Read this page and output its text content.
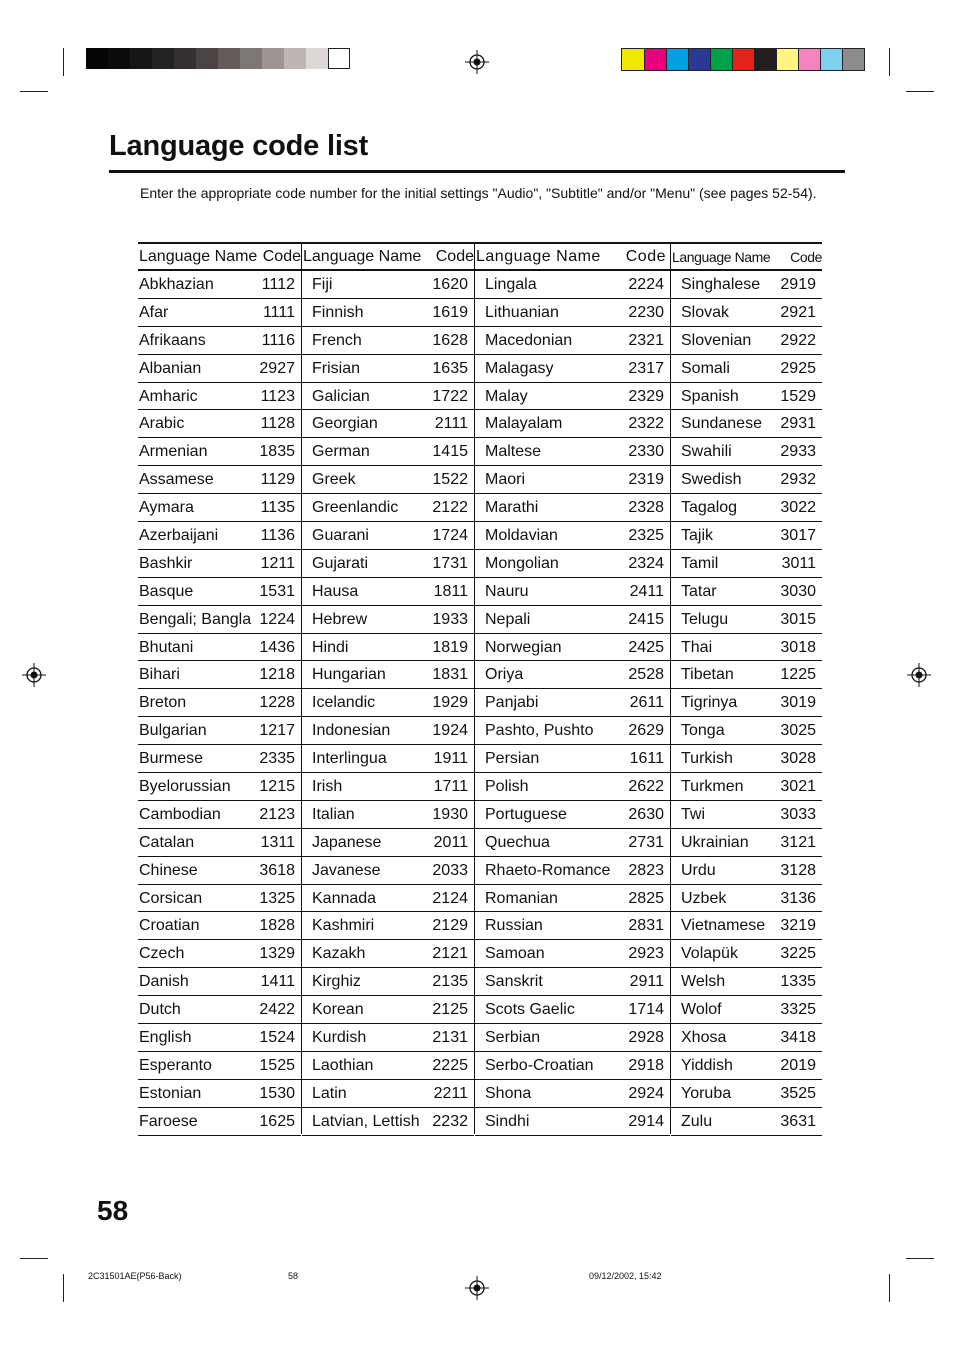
Language code list
Enter the appropriate code number for the initial settings "Audio", "Subtitle" and/or "Menu" (see pages 52-54).
Language Name Code
Abkhazian	1112
Afar	1111
Afrikaans	1116
Albanian	2927
Amharic	1123
Arabic	1128
Armenian	1835
Assamese	1129
Aymara	1135
Azerbaijani	1136
Bashkir	1211
Basque	1531
Bengali; Bangla 1224
Bhutani	1436
Bihari	1218
Breton	1228
Bulgarian	1217
Burmese	2335
Byelorussian 1215
Cambodian 2123
Catalan	1311
Chinese	3618
Corsican	1325
Croatian	1828
Czech	1329
Danish	1411
Dutch	2422
English	1524
Esperanto	1525
Estonian	1530
Faroese	1625
Language Name Code
Fiji	1620
Finnish	1619
French	1628
Frisian	1635
Galician	1722
Georgian	2111
German	1415
Greek	1522
Greenlandic 2122
Guarani	1724
Gujarati	1731
Hausa	1811
Hebrew	1933
Hindi	1819
Hungarian	1831
Icelandic	1929
Indonesian	1924
Interlingua	1911
Irish	1711
Italian	1930
Japanese	2011
Javanese	2033
Kannada	2124
Kashmiri	2129
Kazakh	2121
Kirghiz	2135
Korean	2125
Kurdish	2131
Laothian	2225
Latin	2211
Latvian, Lettish 2232
Language Name Code
Lingala	2224
Lithuanian	2230
Macedonian	2321
Malagasy	2317
Malay	2329
Malayalam	2322
Maltese	2330
Maori	2319
Marathi	2328
Moldavian	2325
Mongolian	2324
Nauru	2411
Nepali	2415
Norwegian	2425
Oriya	2528
Panjabi	2611
Pashto, Pushto 2629
Persian	1611
Polish	2622
Portuguese	2630
Quechua	2731
Rhaeto-Romance 2823
Romanian	2825
Russian	2831
Samoan	2923
Sanskrit	2911
Scots Gaelic	1714
Serbian	2928
Serbo-Croatian 2918
Shona	2924
Sindhi	2914
Language Name Code
Singhalese 2919
Slovak	2921
Slovenian 2922
Somali	2925
Spanish	1529
Sundanese 2931
Swahili	2933
Swedish 2932
Tagalog	3022
Tajik	3017
Tamil	3011
Tatar	3030
Telugu	3015
Thai	3018
Tibetan	1225
Tigrinya	3019
Tonga	3025
Turkish	3028
Turkmen 3021
Twi	3033
Ukrainian 3121
Urdu	3128
Uzbek	3136
Vietnamese 3219
Volapük	3225
Welsh	1335
Wolof	3325
Xhosa	3418
Yiddish	2019
Yoruba	3525
Zulu	3631
58
2C31501AE(P56-Back)	58	09/12/2002, 15:42
